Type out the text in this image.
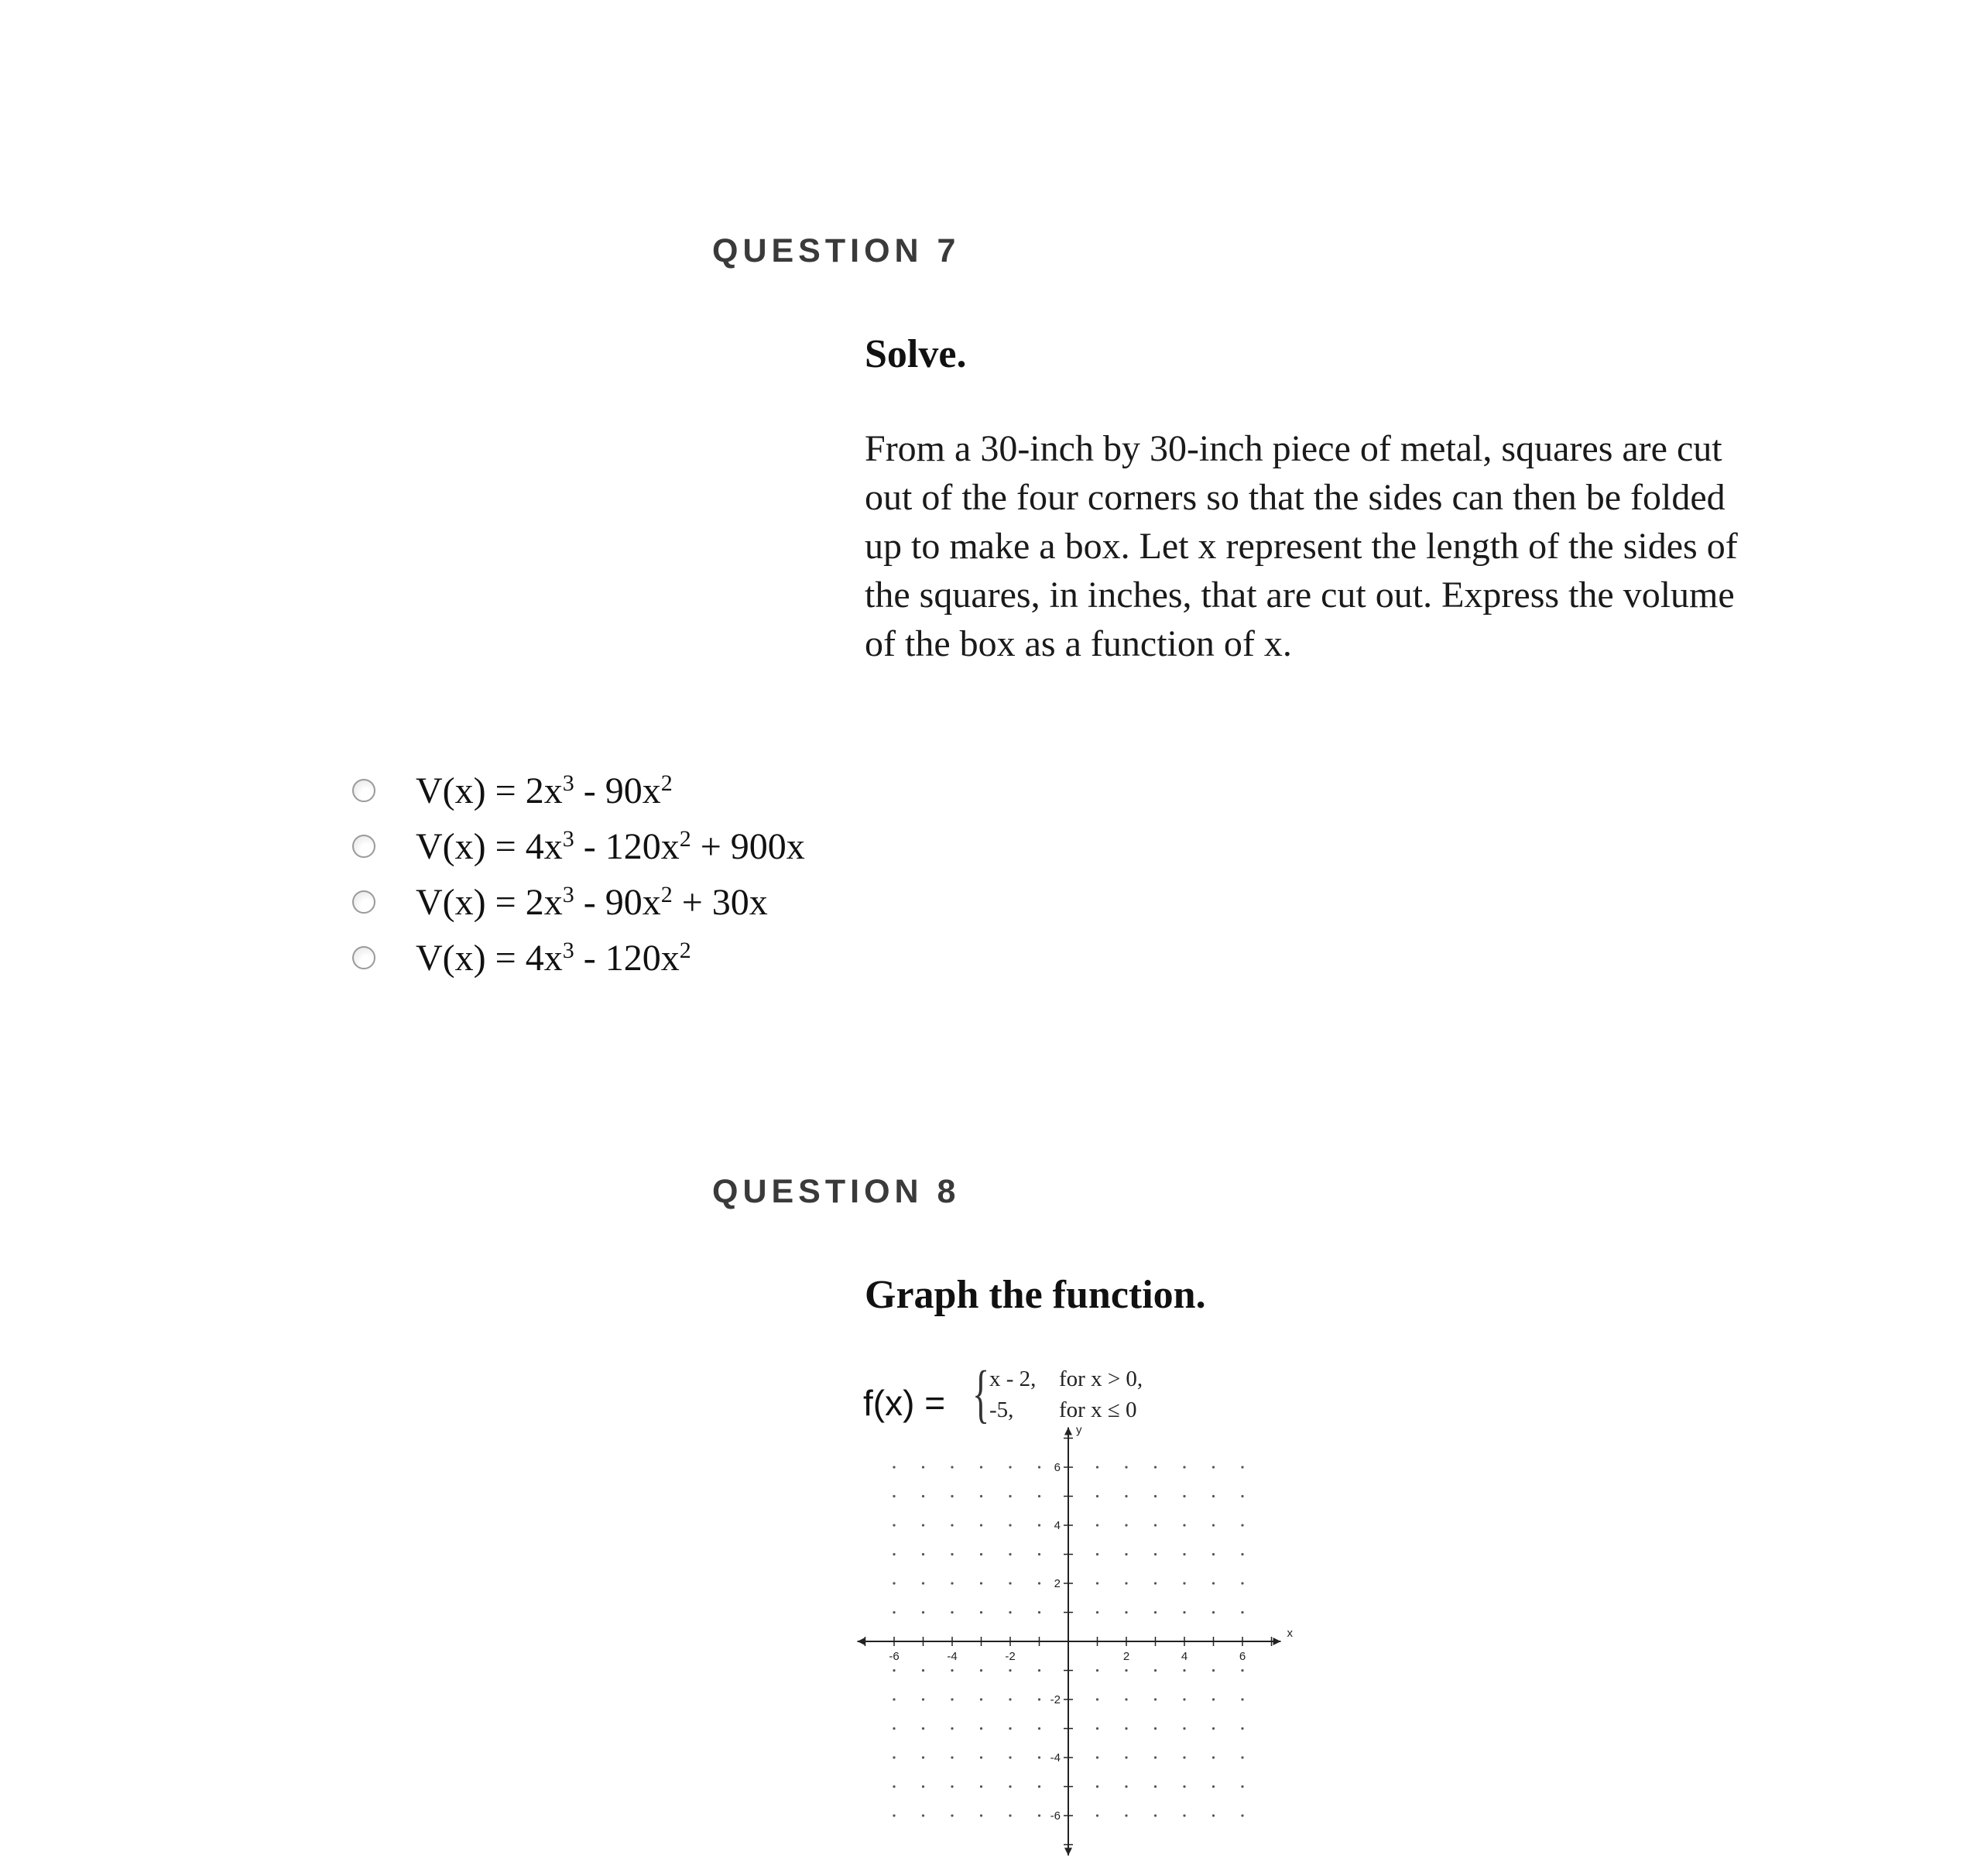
QUESTION 7

Solve.

From a 30-inch by 30-inch piece of metal, squares are cut out of the four corners so that the sides can then be folded up to make a box. Let x represent the length of the sides of the squares, in inches, that are cut out. Express the volume of the box as a function of x.

$V(x) = 2x^3 - 90x^2$
$V(x) = 4x^3 - 120x^2 + 900x$
$V(x) = 2x^3 - 90x^2 + 30x$
$V(x) = 4x^3 - 120x^2$
QUESTION 8

Graph the function.

f(x) = { x - 2, for x > 0,
-5, for x ≤ 0
-6	-4	-2	2	4	6
-6
-4
-2
2
4
6
x
y
